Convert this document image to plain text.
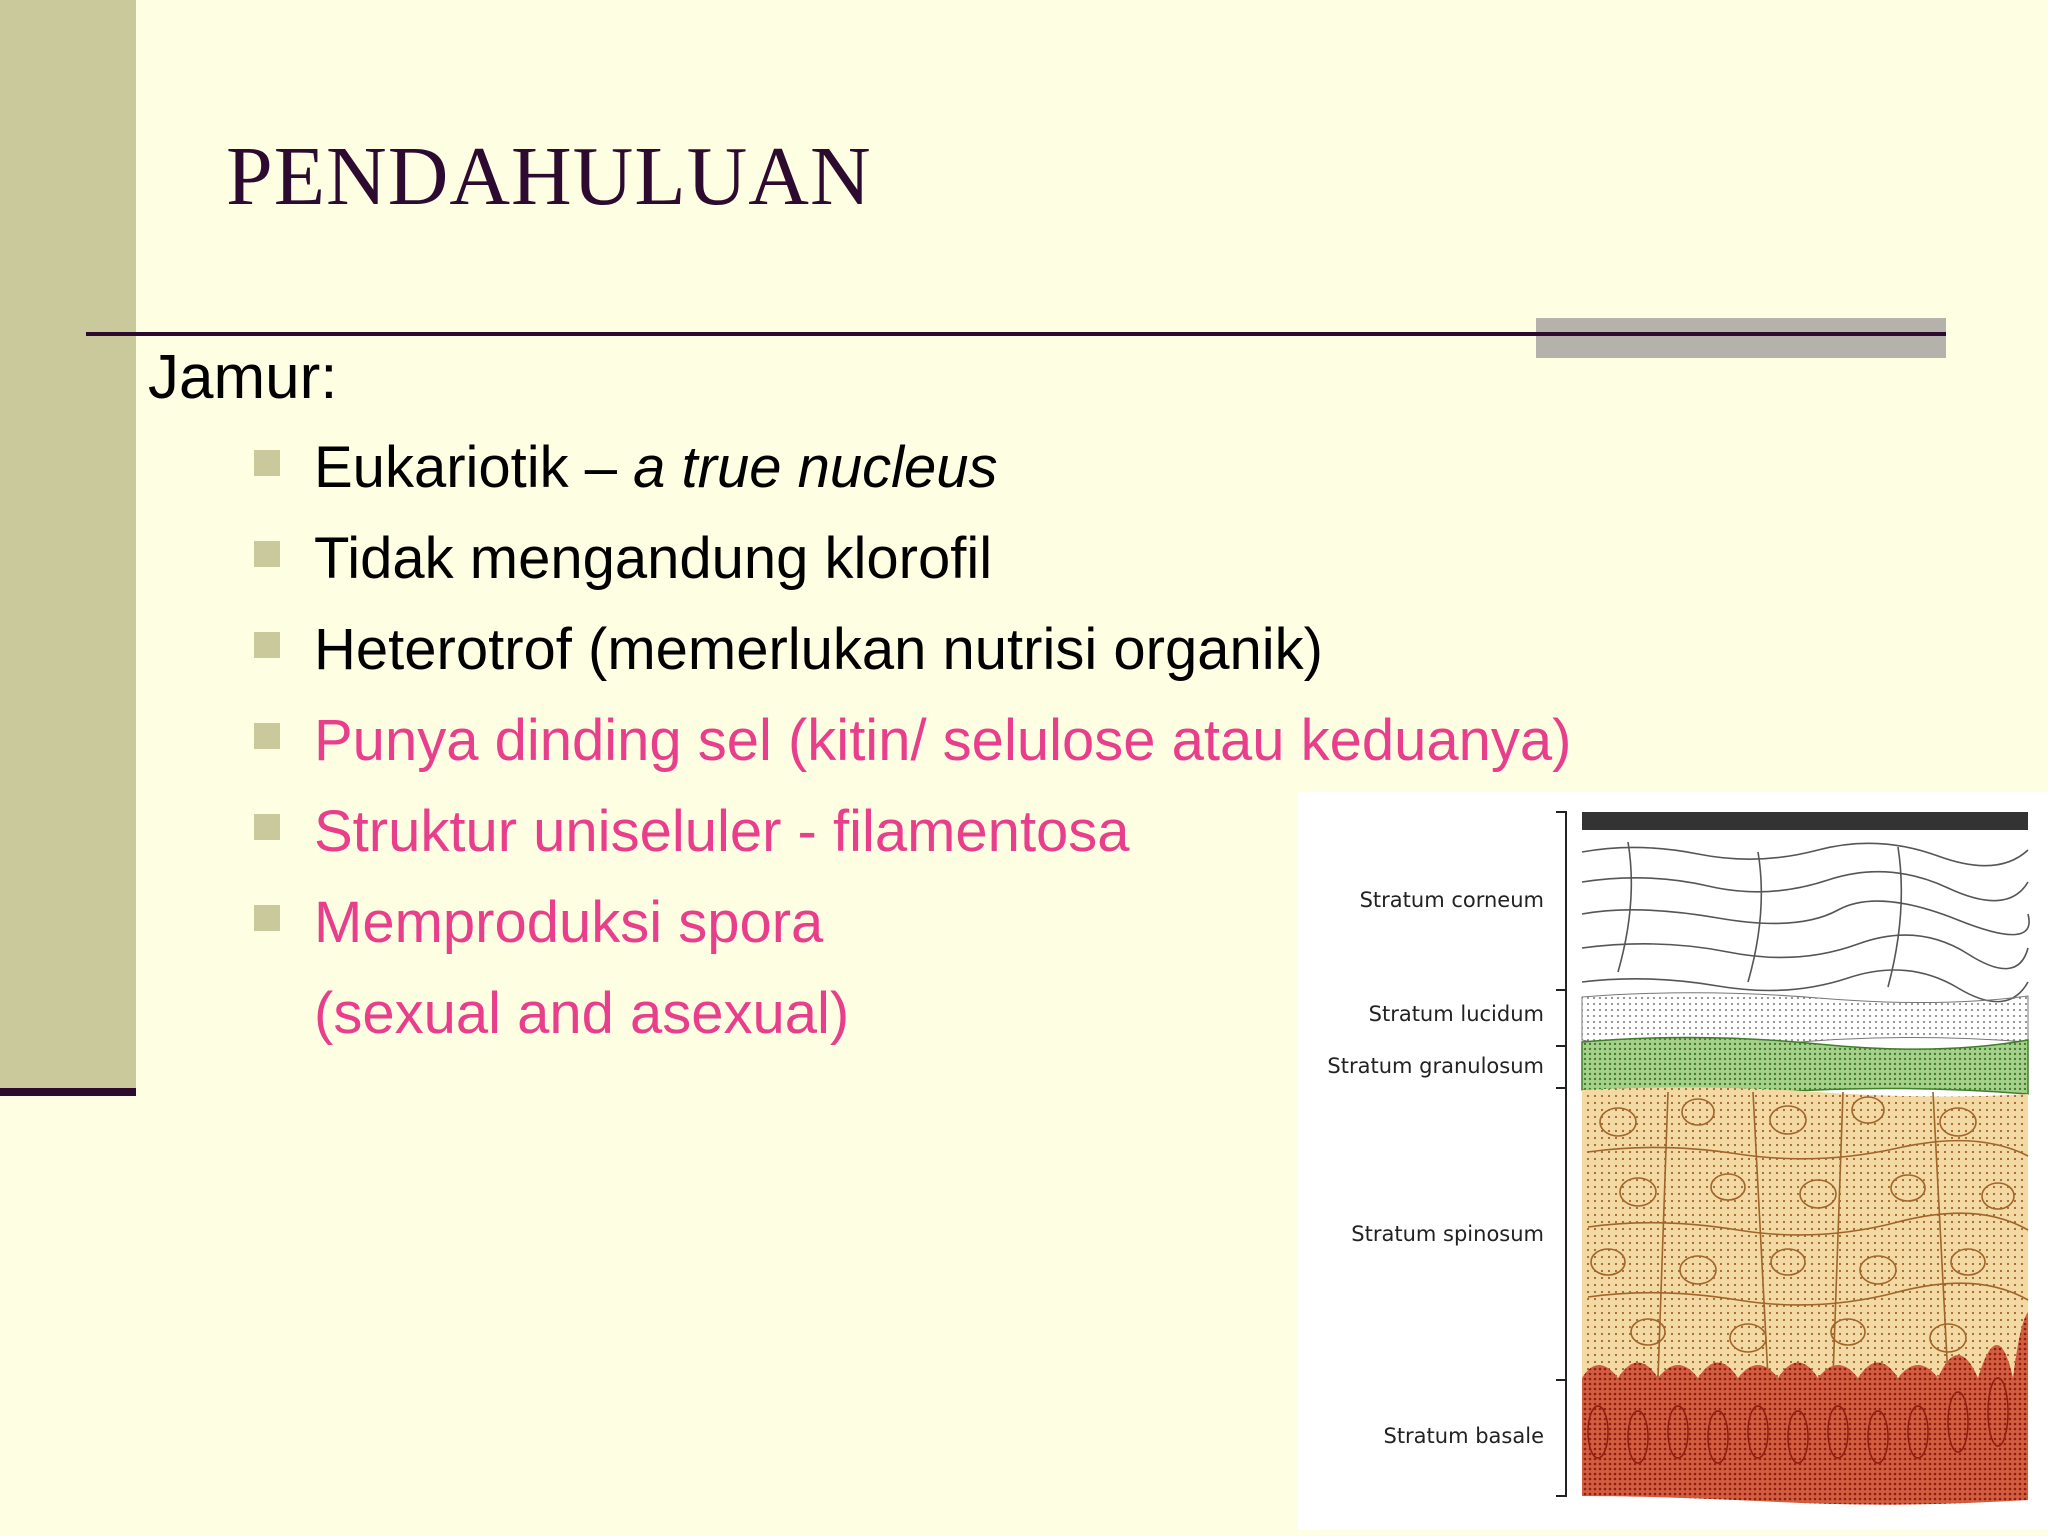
PENDAHULUAN
Jamur:
Eukariotik – a true nucleus
Tidak mengandung klorofil
Heterotrof (memerlukan nutrisi organik)
Punya dinding sel (kitin/ selulose atau keduanya)
Struktur uniseluler - filamentosa
Memproduksi spora
(sexual and asexual)
Stratum corneum
Stratum lucidum
Stratum granulosum
Stratum spinosum
Stratum basale
